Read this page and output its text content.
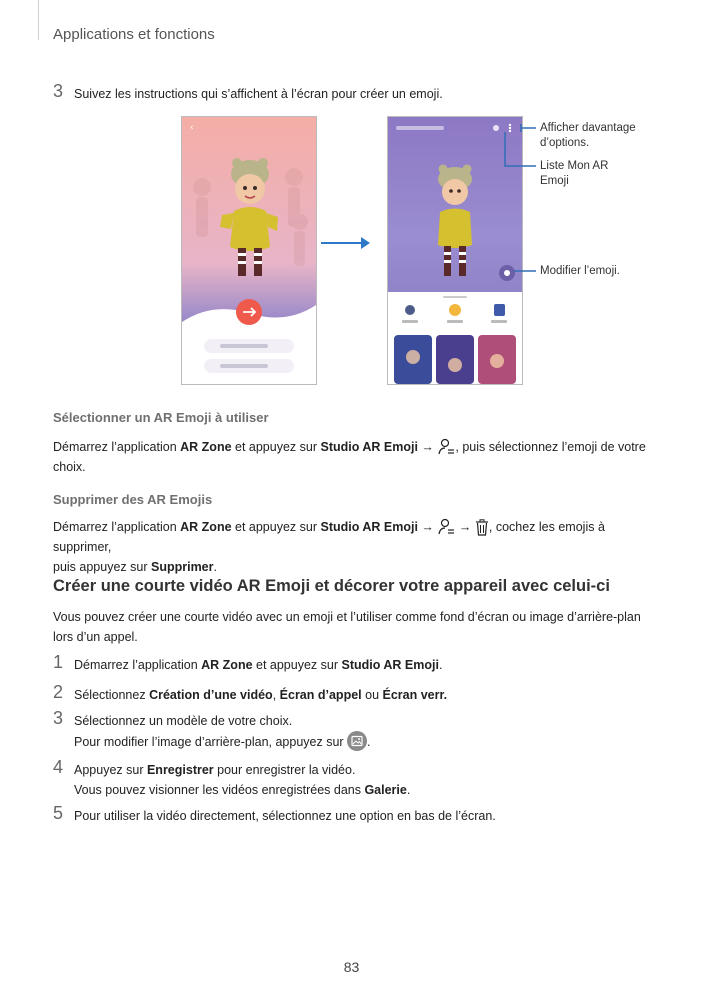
Applications et fonctions
3 Suivez les instructions qui s’affichent à l’écran pour créer un emoji.
‹	Afficher davantage
d’options.
Liste Mon AR
Emoji
Modifier l’emoji.
Sélectionner un AR Emoji à utiliser
Démarrez l’application AR Zone et appuyez sur Studio AR Emoji → , puis sélectionnez l’emoji de votre
choix.
Supprimer des AR Emojis
Démarrez l’application AR Zone et appuyez sur Studio AR Emoji → → , cochez les emojis à supprimer,
puis appuyez sur Supprimer.
Créer une courte vidéo AR Emoji et décorer votre appareil avec celui-ci
Vous pouvez créer une courte vidéo avec un emoji et l’utiliser comme fond d’écran ou image d’arrière-plan
lors d’un appel.
1 Démarrez l’application AR Zone et appuyez sur Studio AR Emoji.
2 Sélectionnez Création d’une vidéo, Écran d’appel ou Écran verr.
3 Sélectionnez un modèle de votre choix.
Pour modifier l’image d’arrière-plan, appuyez sur .
4 Appuyez sur Enregistrer pour enregistrer la vidéo.
Vous pouvez visionner les vidéos enregistrées dans Galerie.
5 Pour utiliser la vidéo directement, sélectionnez une option en bas de l’écran.
83
